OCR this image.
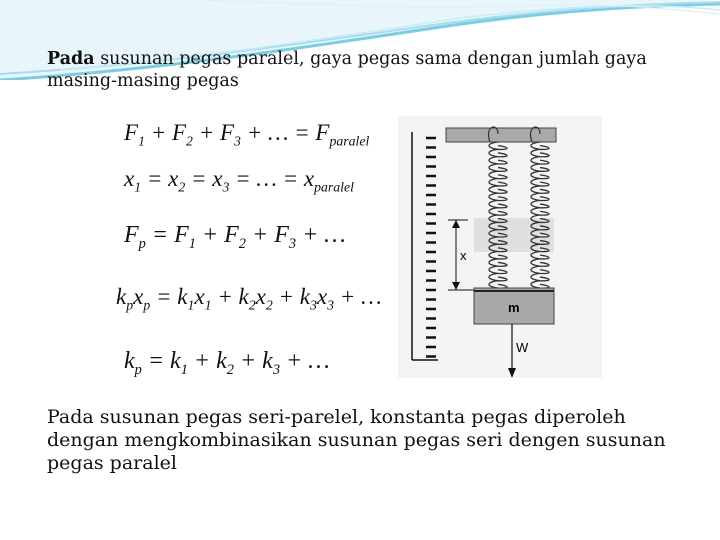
Pada susunan pegas paralel, gaya pegas sama dengan jumlah gaya masing-masing pegas
$F_1 + F_2 + F_3$ + … = $F_{paralel}$
$x_1 = x_2 = x_3$ = … = $x_{paralel}$
$F_p = F_1 + F_2 + F_3$ + …
$k_px_p = k_1x_1 + k_2x_2 + k_3x_3$ + …
$k_p = k_1 + k_2 + k_3$ + …
x
m
W
Pada susunan pegas seri-parelel, konstanta pegas diperoleh dengan mengkombinasikan susunan pegas seri dengen susunan pegas paralel
